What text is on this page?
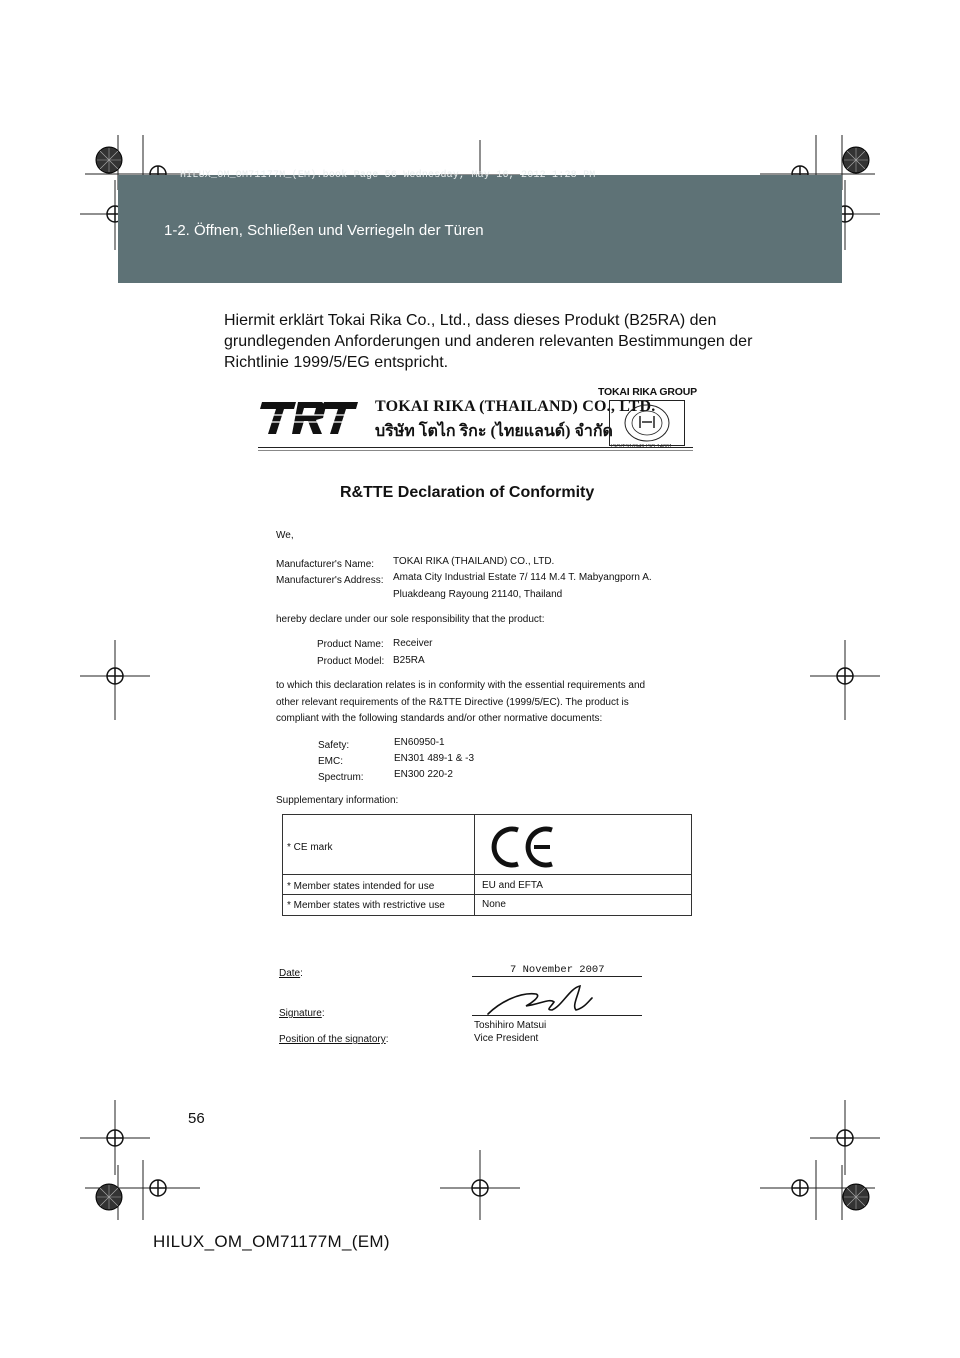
HILUX_OM_OM71177M_(EM).book Page 56 Wednesday, May 16, 2012 1:28 PM
1-2. Öffnen, Schließen und Verriegeln der Türen
Hiermit erklärt Tokai Rika Co., Ltd., dass dieses Produkt (B25RA) den grundlegenden Anforderungen und anderen relevanten Bestimmungen der Richtlinie 1999/5/EG entspricht.
TOKAI RIKA (THAILAND) CO., LTD.
บริษัท โตไก ริกะ (ไทยแลนด์) จำกัด
TOKAI RIKA GROUP
R&TTE Declaration of Conformity
We,
Manufacturer's Name: TOKAI RIKA (THAILAND) CO., LTD.
Manufacturer's Address: Amata City Industrial Estate 7/ 114 M.4 T. Mabyangporn A.
Pluakdeang Rayoung 21140, Thailand
hereby declare under our sole responsibility that the product:
Product Name: Receiver
Product Model: B25RA
to which this declaration relates is in conformity with the essential requirements and
other relevant requirements of the R&TTE Directive (1999/5/EC). The product is
compliant with the following standards and/or other normative documents:
Safety:	EN60950-1
EMC:	EN301 489-1 & -3
Spectrum:	EN300 220-2
Supplementary information:
* CE mark
* Member states intended for use	EU and EFTA
* Member states with restrictive use	None
Date:	7 November 2007
Signature:
Toshihiro Matsui
Position of the signatory:	Vice President
56
HILUX_OM_OM71177M_(EM)
